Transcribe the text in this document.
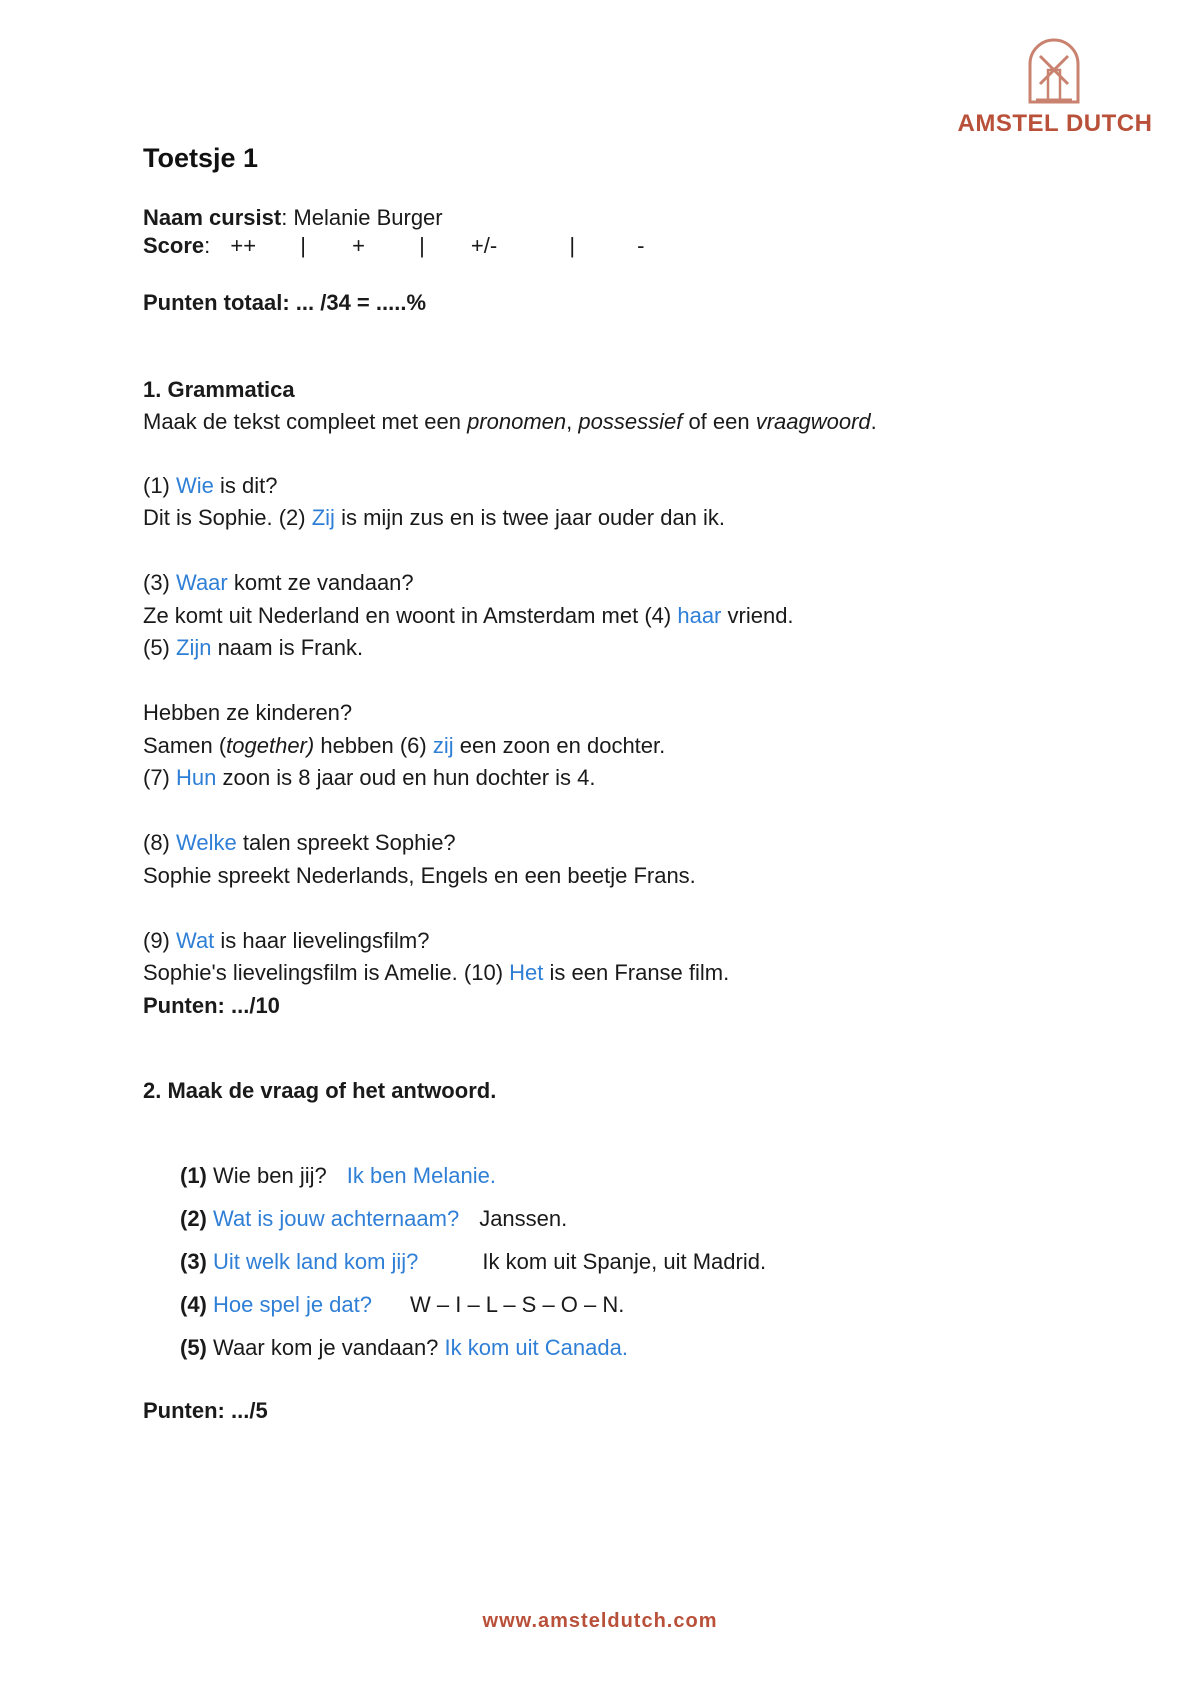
AMSTEL DUTCH
Toetsje 1
Naam cursist: Melanie Burger
Score: ++ | + | +/-	|	-
Punten totaal: ... /34 = .....%
1. Grammatica
Maak de tekst compleet met een pronomen, possessief of een vraagwoord.
(1) Wie is dit?
Dit is Sophie. (2) Zij is mijn zus en is twee jaar ouder dan ik.
(3) Waar komt ze vandaan?
Ze komt uit Nederland en woont in Amsterdam met (4) haar vriend.
(5) Zijn naam is Frank.
Hebben ze kinderen?
Samen (together) hebben (6) zij een zoon en dochter.
(7) Hun zoon is 8 jaar oud en hun dochter is 4.
(8) Welke talen spreekt Sophie?
Sophie spreekt Nederlands, Engels en een beetje Frans.
(9) Wat is haar lievelingsfilm?
Sophie's lievelingsfilm is Amelie. (10) Het is een Franse film.
Punten: .../10
2. Maak de vraag of het antwoord.
(1) Wie ben jij? Ik ben Melanie.
(2) Wat is jouw achternaam? Janssen.
(3) Uit welk land kom jij?	Ik kom uit Spanje, uit Madrid.
(4) Hoe spel je dat? W – I – L – S – O – N.
(5) Waar kom je vandaan? Ik kom uit Canada.
Punten: .../5
www.amsteldutch.com
